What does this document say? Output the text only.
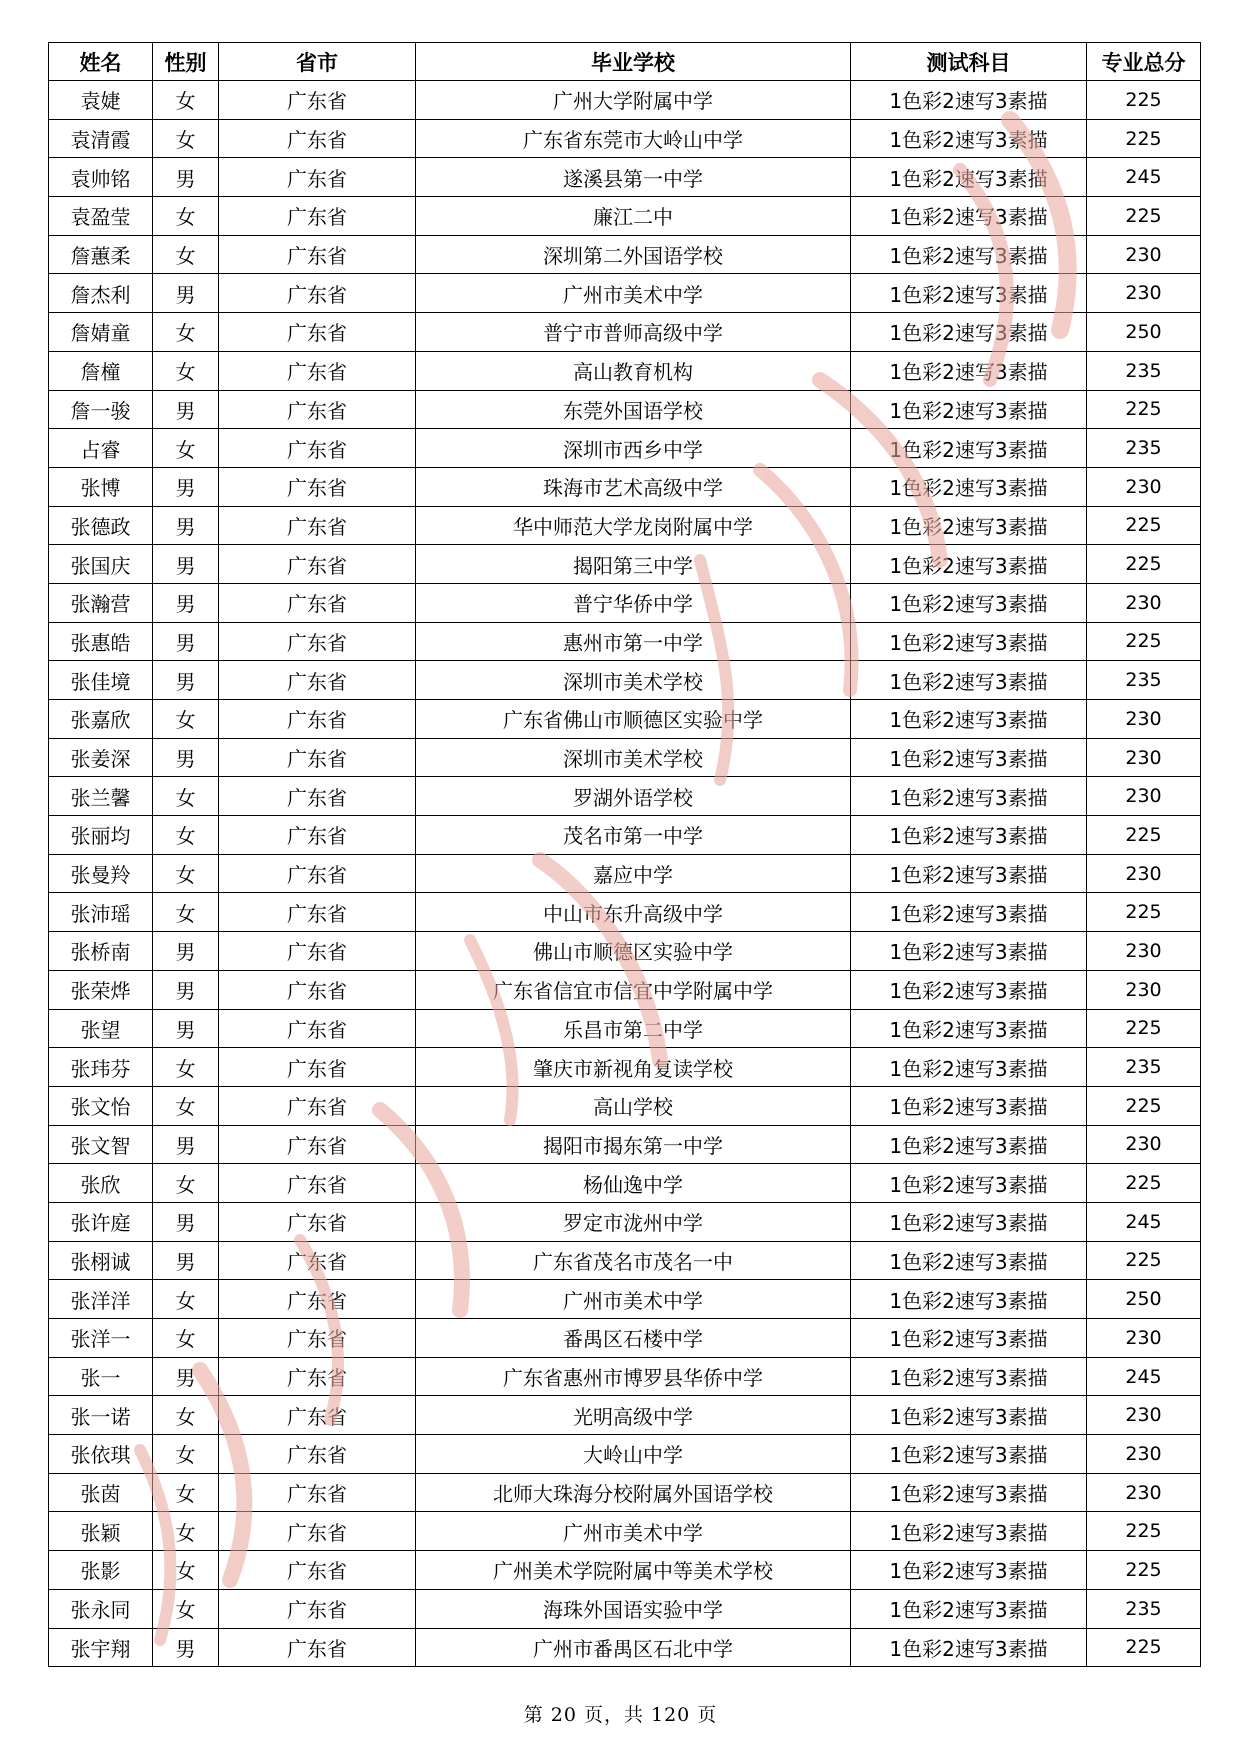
姓名	性别	省市	毕业学校	测试科目	专业总分
袁婕	女	广东省	广州大学附属中学	1色彩2速写3素描	225
袁清霞	女	广东省	广东省东莞市大岭山中学	1色彩2速写3素描	225
袁帅铭	男	广东省	遂溪县第一中学	1色彩2速写3素描	245
袁盈莹	女	广东省	廉江二中	1色彩2速写3素描	225
詹蕙柔	女	广东省	深圳第二外国语学校	1色彩2速写3素描	230
詹杰利	男	广东省	广州市美术中学	1色彩2速写3素描	230
詹婧童	女	广东省	普宁市普师高级中学	1色彩2速写3素描	250
詹橦	女	广东省	高山教育机构	1色彩2速写3素描	235
詹一骏	男	广东省	东莞外国语学校	1色彩2速写3素描	225
占睿	女	广东省	深圳市西乡中学	1色彩2速写3素描	235
张博	男	广东省	珠海市艺术高级中学	1色彩2速写3素描	230
张德政	男	广东省	华中师范大学龙岗附属中学	1色彩2速写3素描	225
张国庆	男	广东省	揭阳第三中学	1色彩2速写3素描	225
张瀚营	男	广东省	普宁华侨中学	1色彩2速写3素描	230
张惠皓	男	广东省	惠州市第一中学	1色彩2速写3素描	225
张佳境	男	广东省	深圳市美术学校	1色彩2速写3素描	235
张嘉欣	女	广东省	广东省佛山市顺德区实验中学	1色彩2速写3素描	230
张姜深	男	广东省	深圳市美术学校	1色彩2速写3素描	230
张兰馨	女	广东省	罗湖外语学校	1色彩2速写3素描	230
张丽均	女	广东省	茂名市第一中学	1色彩2速写3素描	225
张曼羚	女	广东省	嘉应中学	1色彩2速写3素描	230
张沛瑶	女	广东省	中山市东升高级中学	1色彩2速写3素描	225
张桥南	男	广东省	佛山市顺德区实验中学	1色彩2速写3素描	230
张荣烨	男	广东省	广东省信宜市信宜中学附属中学	1色彩2速写3素描	230
张望	男	广东省	乐昌市第二中学	1色彩2速写3素描	225
张玮芬	女	广东省	肇庆市新视角复读学校	1色彩2速写3素描	235
张文怡	女	广东省	高山学校	1色彩2速写3素描	225
张文智	男	广东省	揭阳市揭东第一中学	1色彩2速写3素描	230
张欣	女	广东省	杨仙逸中学	1色彩2速写3素描	225
张许庭	男	广东省	罗定市泷州中学	1色彩2速写3素描	245
张栩诚	男	广东省	广东省茂名市茂名一中	1色彩2速写3素描	225
张洋洋	女	广东省	广州市美术中学	1色彩2速写3素描	250
张洋一	女	广东省	番禺区石楼中学	1色彩2速写3素描	230
张一	男	广东省	广东省惠州市博罗县华侨中学	1色彩2速写3素描	245
张一诺	女	广东省	光明高级中学	1色彩2速写3素描	230
张依琪	女	广东省	大岭山中学	1色彩2速写3素描	230
张茵	女	广东省	北师大珠海分校附属外国语学校	1色彩2速写3素描	230
张颖	女	广东省	广州市美术中学	1色彩2速写3素描	225
张影	女	广东省	广州美术学院附属中等美术学校	1色彩2速写3素描	225
张永同	女	广东省	海珠外国语实验中学	1色彩2速写3素描	235
张宇翔	男	广东省	广州市番禺区石北中学	1色彩2速写3素描	225
第 20 页，共 120 页
